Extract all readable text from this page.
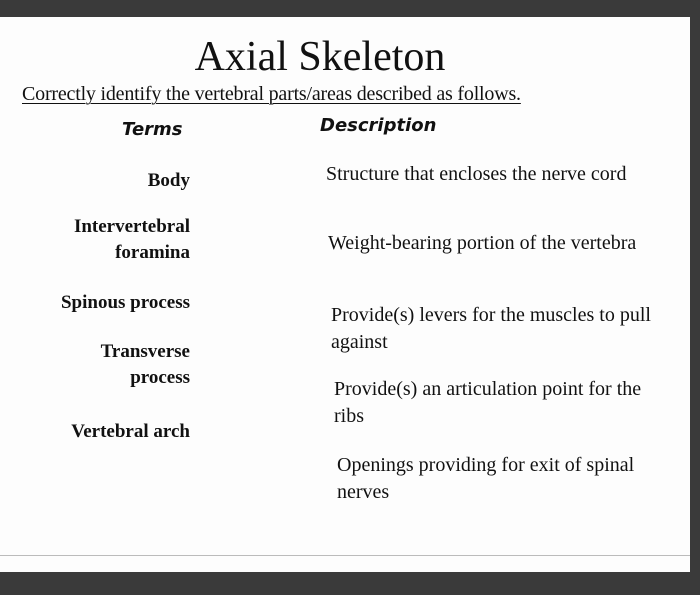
Axial Skeleton
Correctly identify the vertebral parts/areas described as follows.
Terms	Description
Body
Intervertebral foramina
Spinous process
Transverse process
Vertebral arch
Structure that encloses the nerve cord
Weight-bearing portion of the vertebra
Provide(s) levers for the muscles to pull against
Provide(s) an articulation point for the ribs
Openings providing for exit of spinal nerves
